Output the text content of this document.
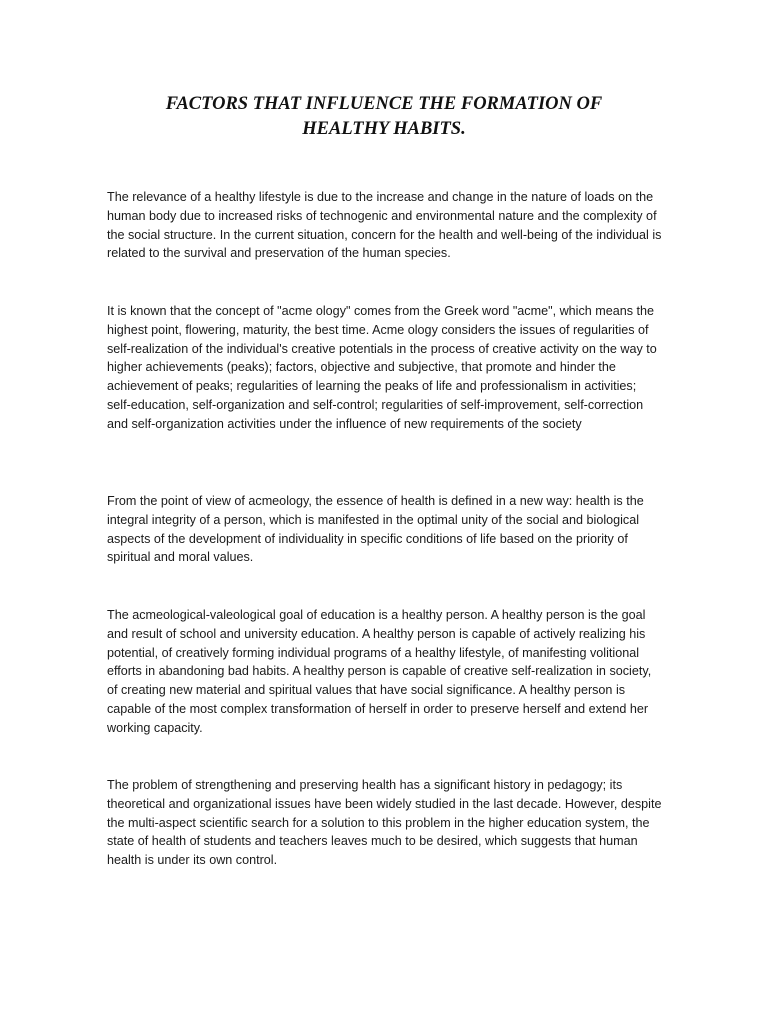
FACTORS THAT INFLUENCE THE FORMATION OF
HEALTHY HABITS.

The relevance of a healthy lifestyle is due to the increase and change in the nature of loads on the human body due to increased risks of technogenic and environmental nature and the complexity of the social structure. In the current situation, concern for the health and well-being of the individual is related to the survival and preservation of the human species.

It is known that the concept of "acme ology" comes from the Greek word "acme", which means the highest point, flowering, maturity, the best time. Acme ology considers the issues of regularities of self-realization of the individual's creative potentials in the process of creative activity on the way to higher achievements (peaks); factors, objective and subjective, that promote and hinder the achievement of peaks; regularities of learning the peaks of life and professionalism in activities; self-education, self-organization and self-control; regularities of self-improvement, self-correction and self-organization activities under the influence of new requirements of the society

From the point of view of acmeology, the essence of health is defined in a new way: health is the integral integrity of a person, which is manifested in the optimal unity of the social and biological aspects of the development of individuality in specific conditions of life based on the priority of spiritual and moral values.

The acmeological-valeological goal of education is a healthy person. A healthy person is the goal and result of school and university education. A healthy person is capable of actively realizing his potential, of creatively forming individual programs of a healthy lifestyle, of manifesting volitional efforts in abandoning bad habits. A healthy person is capable of creative self-realization in society, of creating new material and spiritual values that have social significance. A healthy person is capable of the most complex transformation of herself in order to preserve herself and extend her working capacity.

The problem of strengthening and preserving health has a significant history in pedagogy; its theoretical and organizational issues have been widely studied in the last decade. However, despite the multi-aspect scientific search for a solution to this problem in the higher education system, the state of health of students and teachers leaves much to be desired, which suggests that human health is under its own control.
